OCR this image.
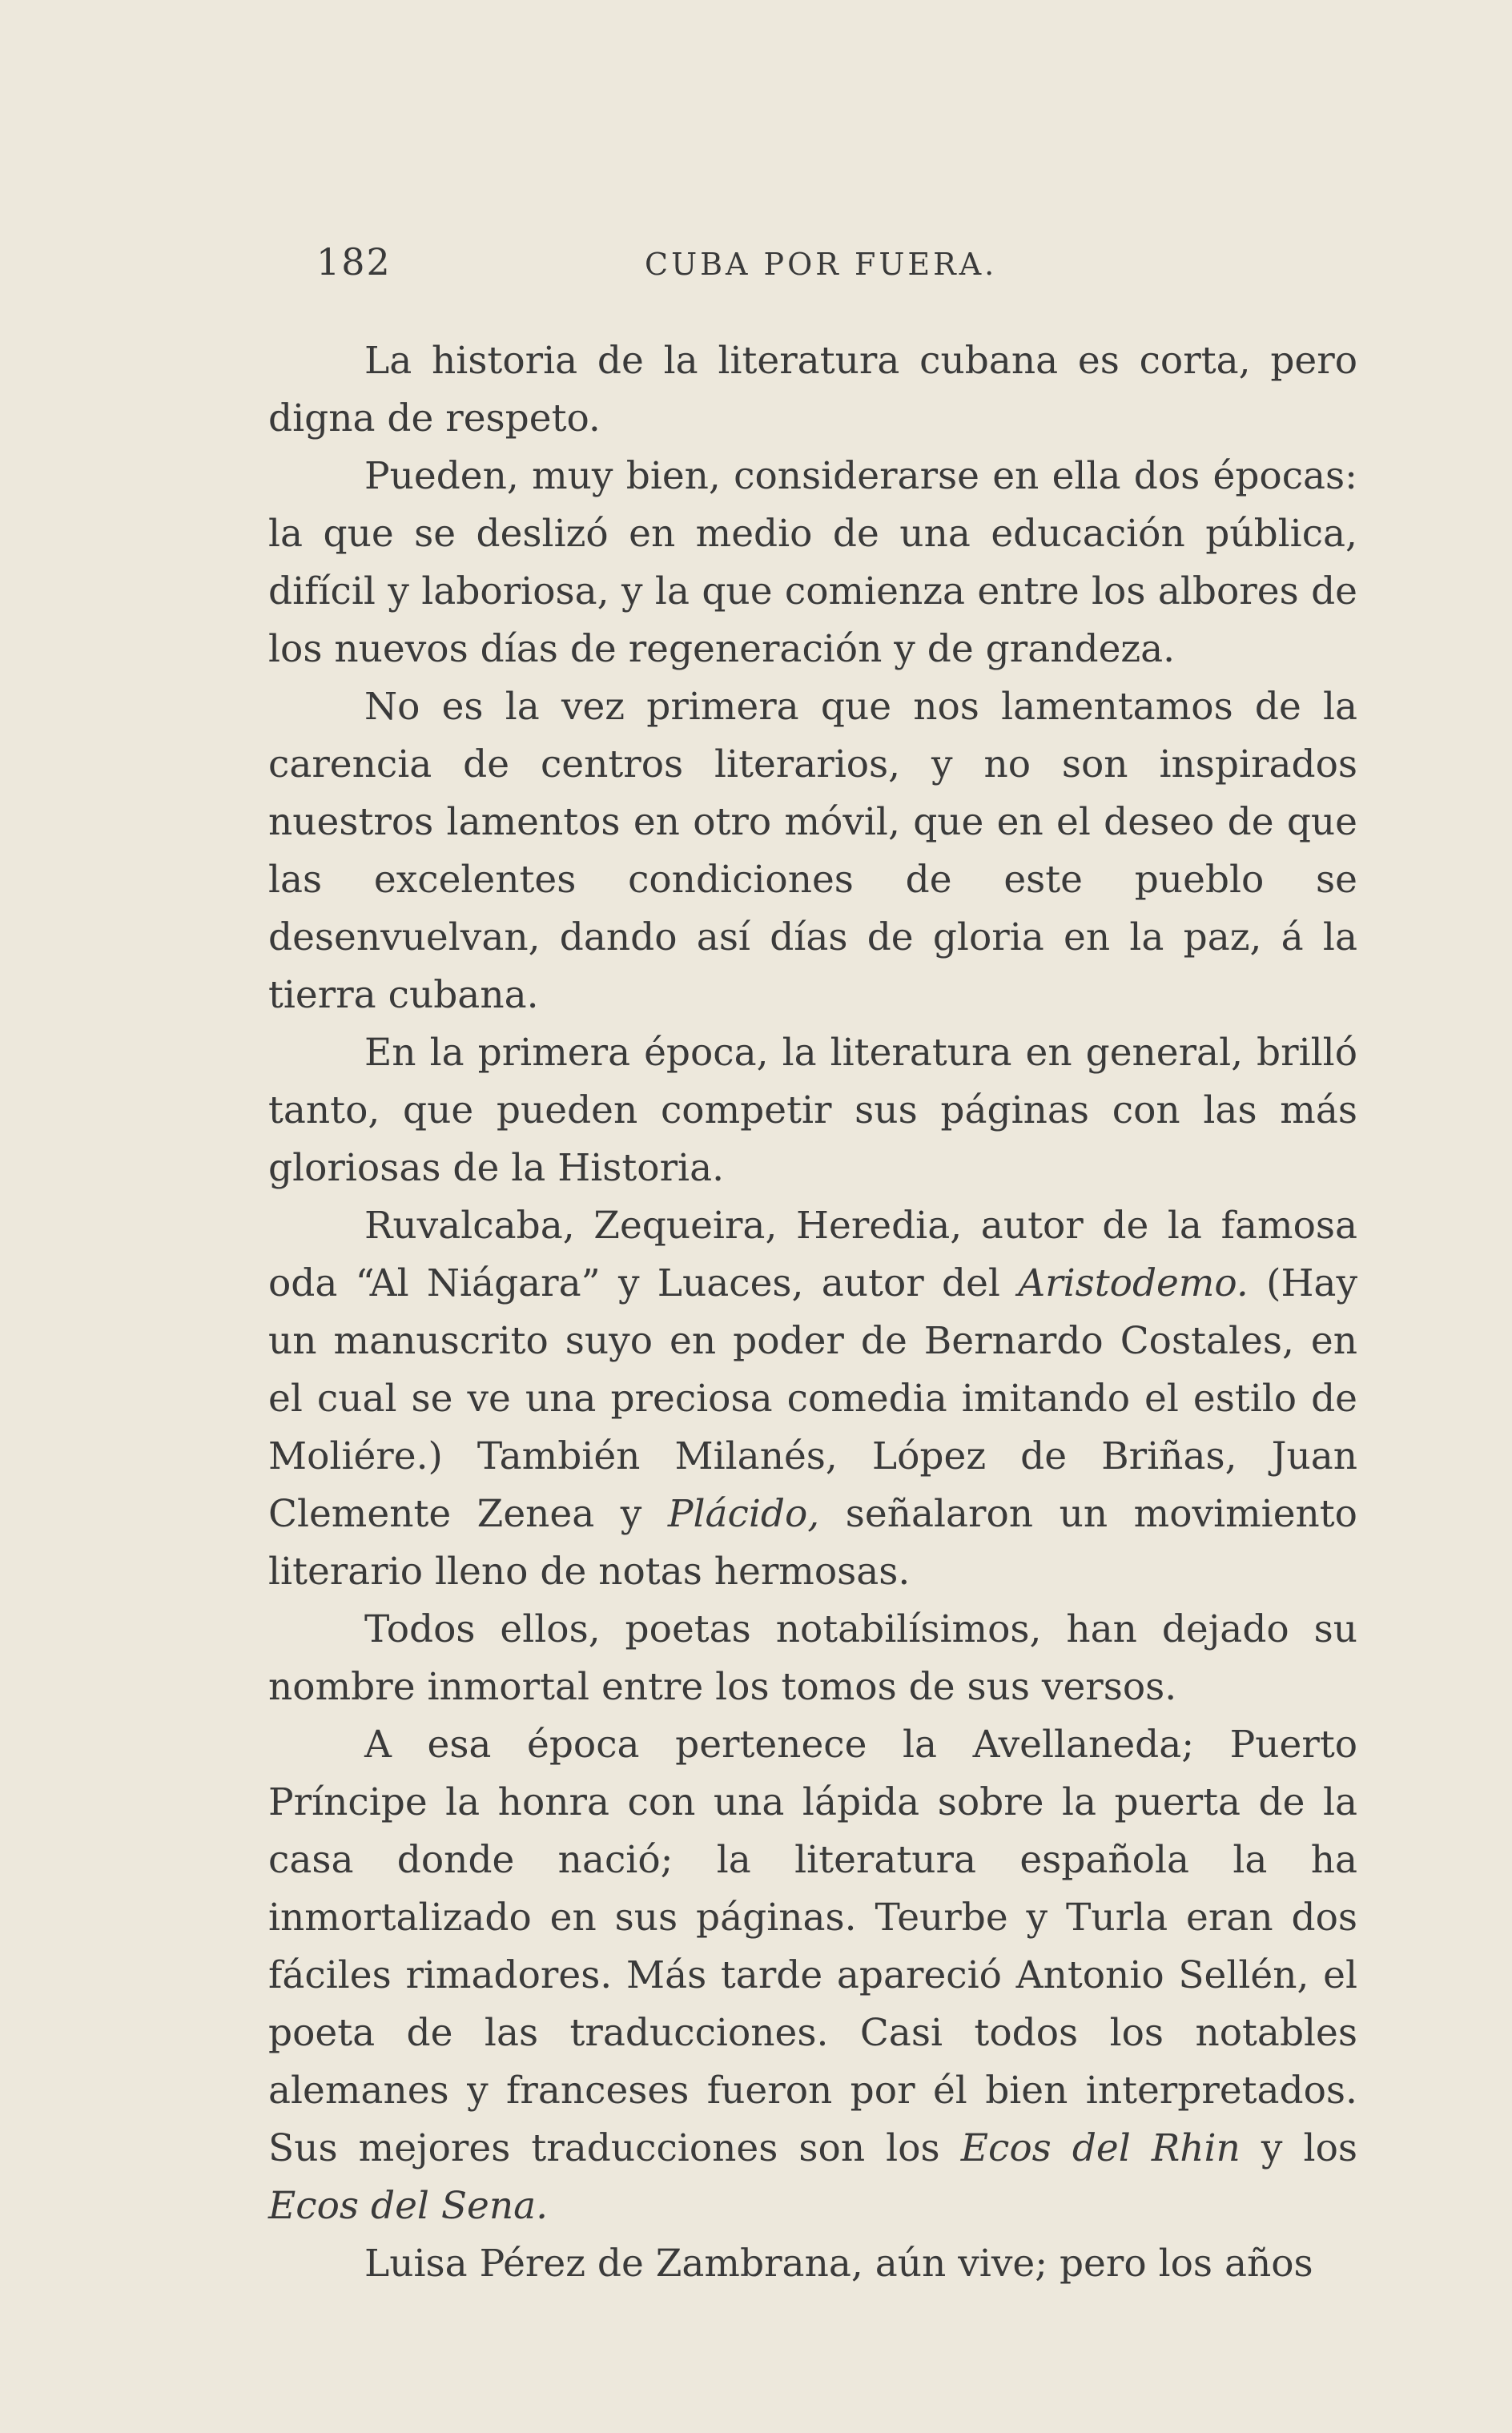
182	CUBA POR FUERA.

La historia de la literatura cubana es corta, pero digna de respeto.

Pueden, muy bien, considerarse en ella dos épocas: la que se deslizó en medio de una educación pública, difícil y laboriosa, y la que comienza entre los albores de los nuevos días de regeneración y de grandeza.

No es la vez primera que nos lamentamos de la carencia de centros literarios, y no son inspirados nuestros lamentos en otro móvil, que en el deseo de que las excelentes condiciones de este pueblo se desenvuelvan, dando así días de gloria en la paz, á la tierra cubana.

En la primera época, la literatura en general, brilló tanto, que pueden competir sus páginas con las más gloriosas de la Historia.

Ruvalcaba, Zequeira, Heredia, autor de la famosa oda “Al Niágara” y Luaces, autor del Aristodemo. (Hay un manuscrito suyo en poder de Bernardo Costales, en el cual se ve una preciosa comedia imitando el estilo de Moliére.) También Milanés, López de Briñas, Juan Clemente Zenea y Plácido, señalaron un movimiento literario lleno de notas hermosas.

Todos ellos, poetas notabilísimos, han dejado su nombre inmortal entre los tomos de sus versos.

A esa época pertenece la Avellaneda; Puerto Príncipe la honra con una lápida sobre la puerta de la casa donde nació; la literatura española la ha inmortalizado en sus páginas. Teurbe y Turla eran dos fáciles rimadores. Más tarde apareció Antonio Sellén, el poeta de las traducciones. Casi todos los notables alemanes y franceses fueron por él bien interpretados. Sus mejores traducciones son los Ecos del Rhin y los Ecos del Sena.

Luisa Pérez de Zambrana, aún vive; pero los años
